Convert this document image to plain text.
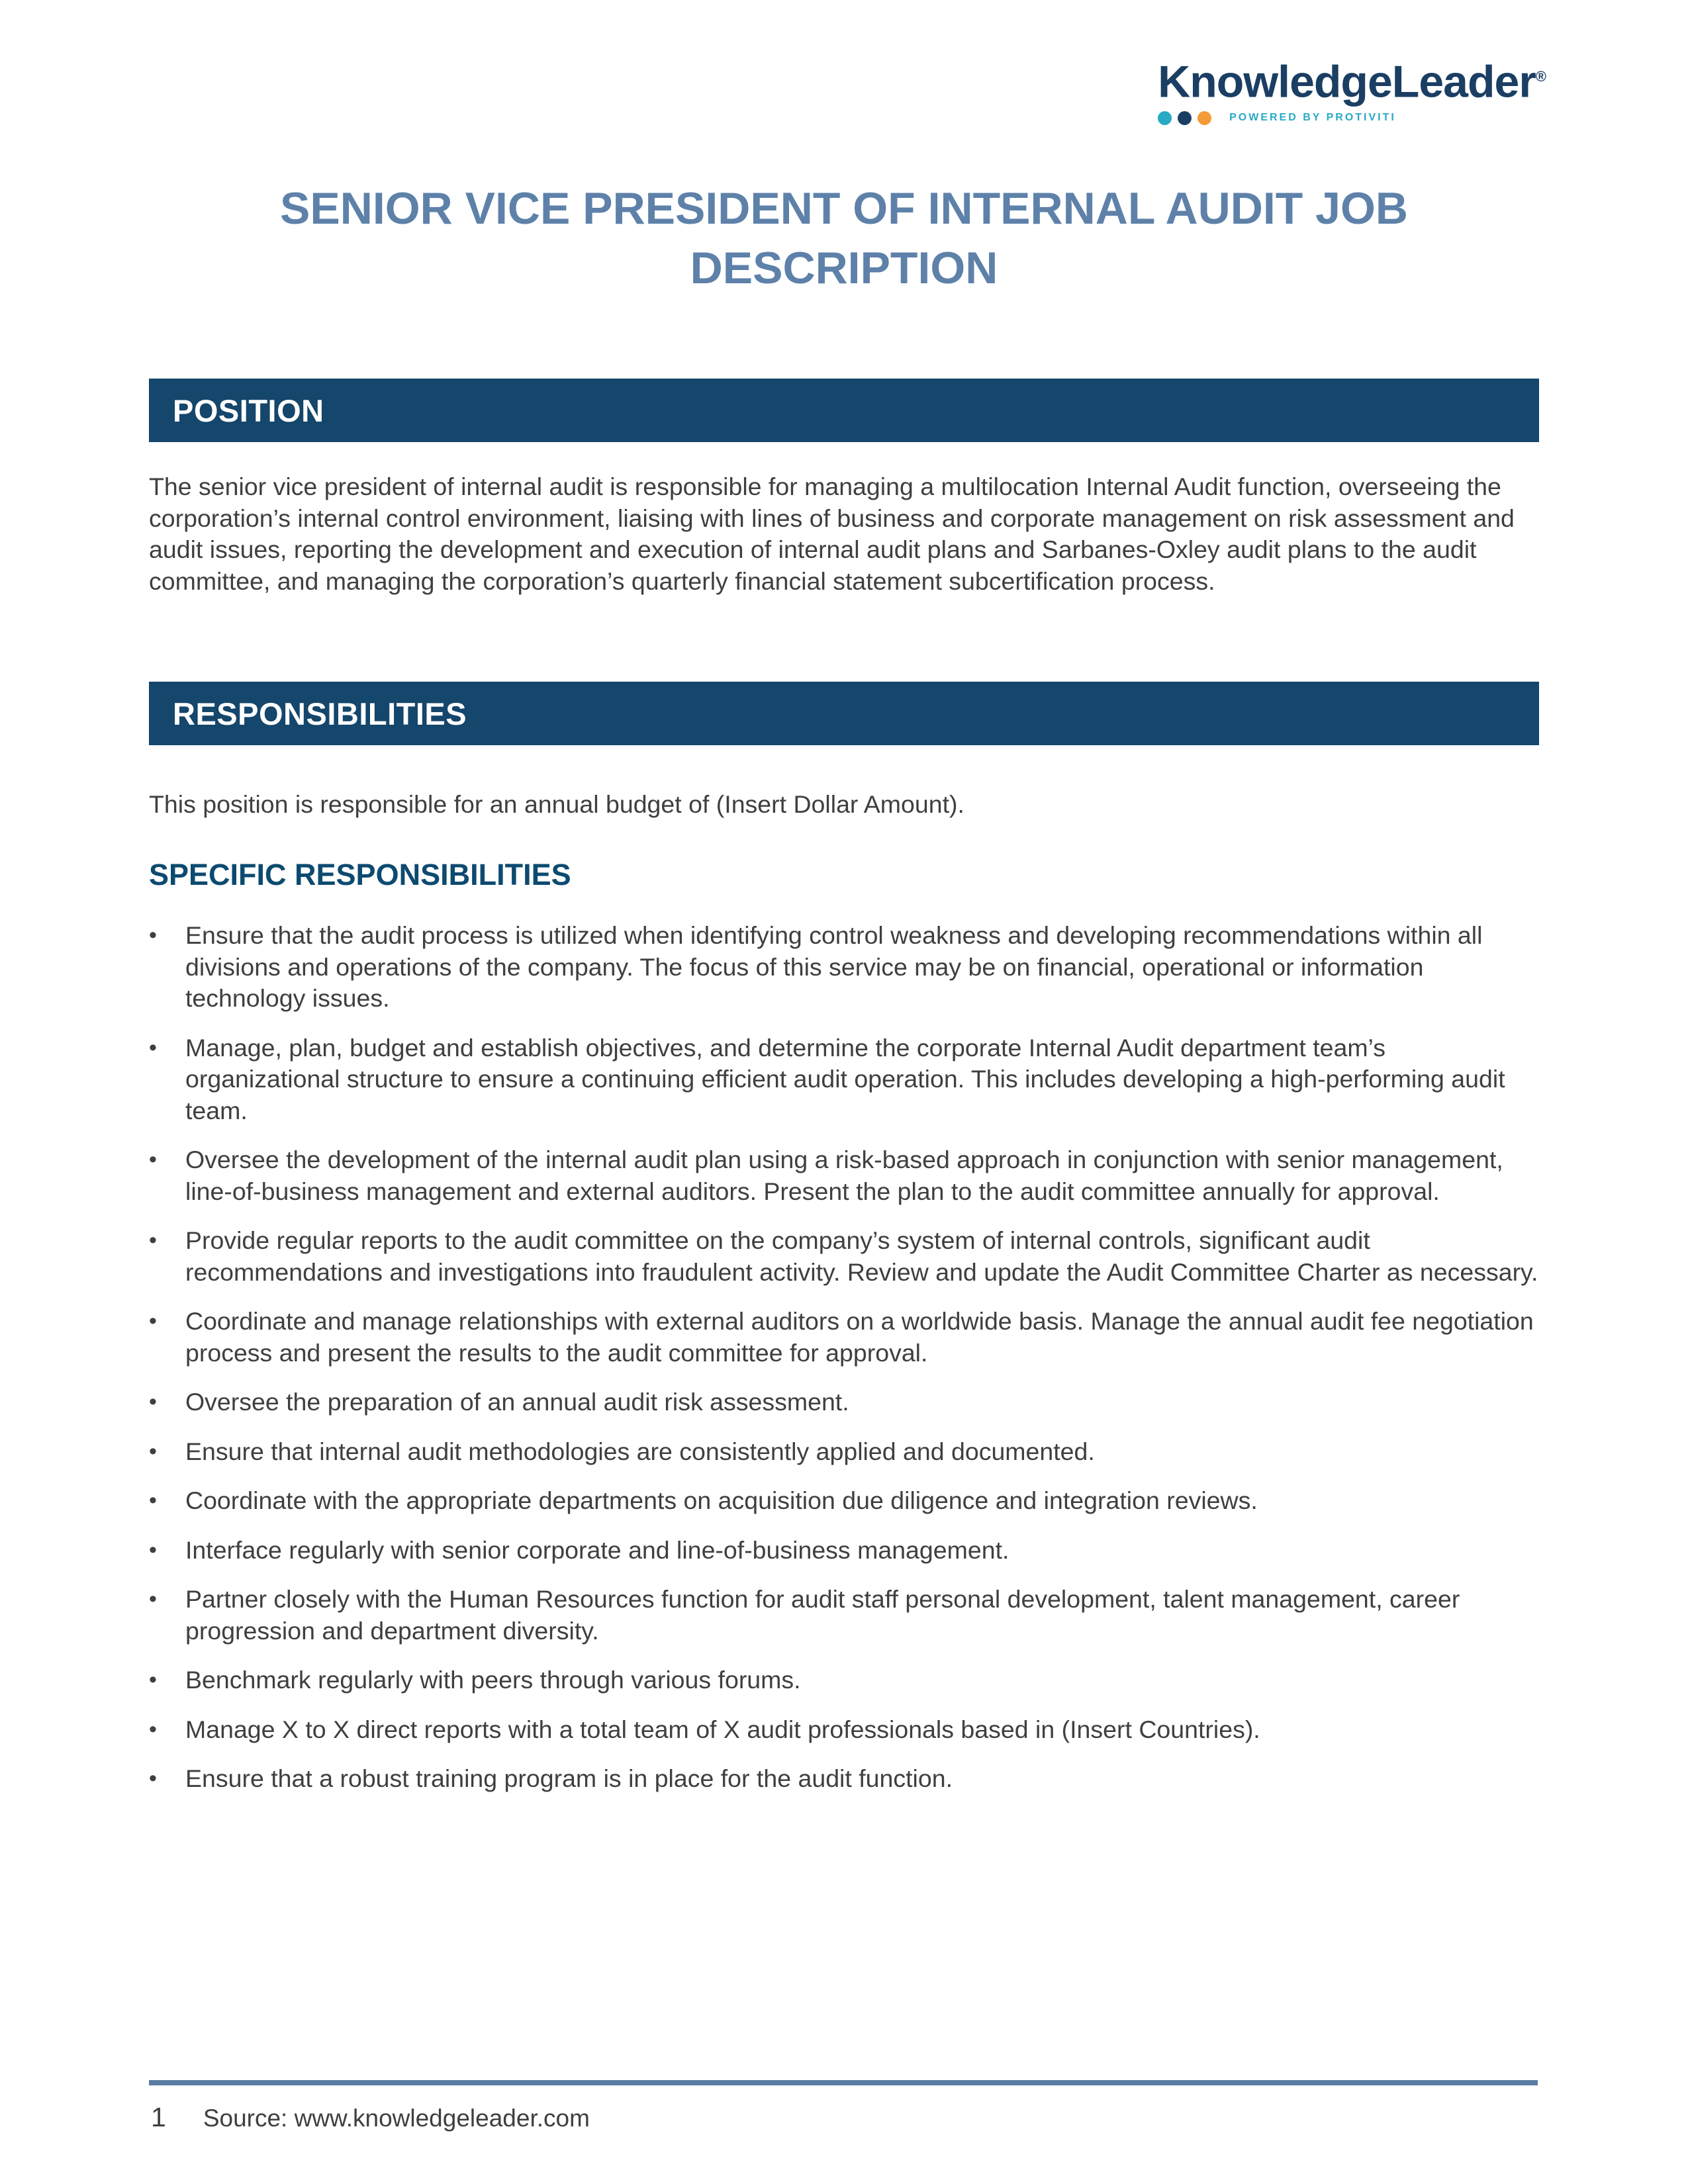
KnowledgeLeader®
POWERED BY PROTIVITI
SENIOR VICE PRESIDENT OF INTERNAL AUDIT JOB DESCRIPTION
POSITION

The senior vice president of internal audit is responsible for managing a multilocation Internal Audit function, overseeing the corporation’s internal control environment, liaising with lines of business and corporate management on risk assessment and audit issues, reporting the development and execution of internal audit plans and Sarbanes-Oxley audit plans to the audit committee, and managing the corporation’s quarterly financial statement subcertification process.

RESPONSIBILITIES

This position is responsible for an annual budget of (Insert Dollar Amount).

SPECIFIC RESPONSIBILITIES
•	Ensure that the audit process is utilized when identifying control weakness and developing recommendations within all divisions and operations of the company. The focus of this service may be on financial, operational or information technology issues.
•	Manage, plan, budget and establish objectives, and determine the corporate Internal Audit department team’s organizational structure to ensure a continuing efficient audit operation. This includes developing a high-performing audit team.
•	Oversee the development of the internal audit plan using a risk-based approach in conjunction with senior management, line-of-business management and external auditors. Present the plan to the audit committee annually for approval.
•	Provide regular reports to the audit committee on the company’s system of internal controls, significant audit recommendations and investigations into fraudulent activity. Review and update the Audit Committee Charter as necessary.
•	Coordinate and manage relationships with external auditors on a worldwide basis. Manage the annual audit fee negotiation process and present the results to the audit committee for approval.
•	Oversee the preparation of an annual audit risk assessment.
•	Ensure that internal audit methodologies are consistently applied and documented.
•	Coordinate with the appropriate departments on acquisition due diligence and integration reviews.
•	Interface regularly with senior corporate and line-of-business management.
•	Partner closely with the Human Resources function for audit staff personal development, talent management, career progression and department diversity.
•	Benchmark regularly with peers through various forums.
•	Manage X to X direct reports with a total team of X audit professionals based in (Insert Countries).
•	Ensure that a robust training program is in place for the audit function.
1 Source: www.knowledgeleader.com
